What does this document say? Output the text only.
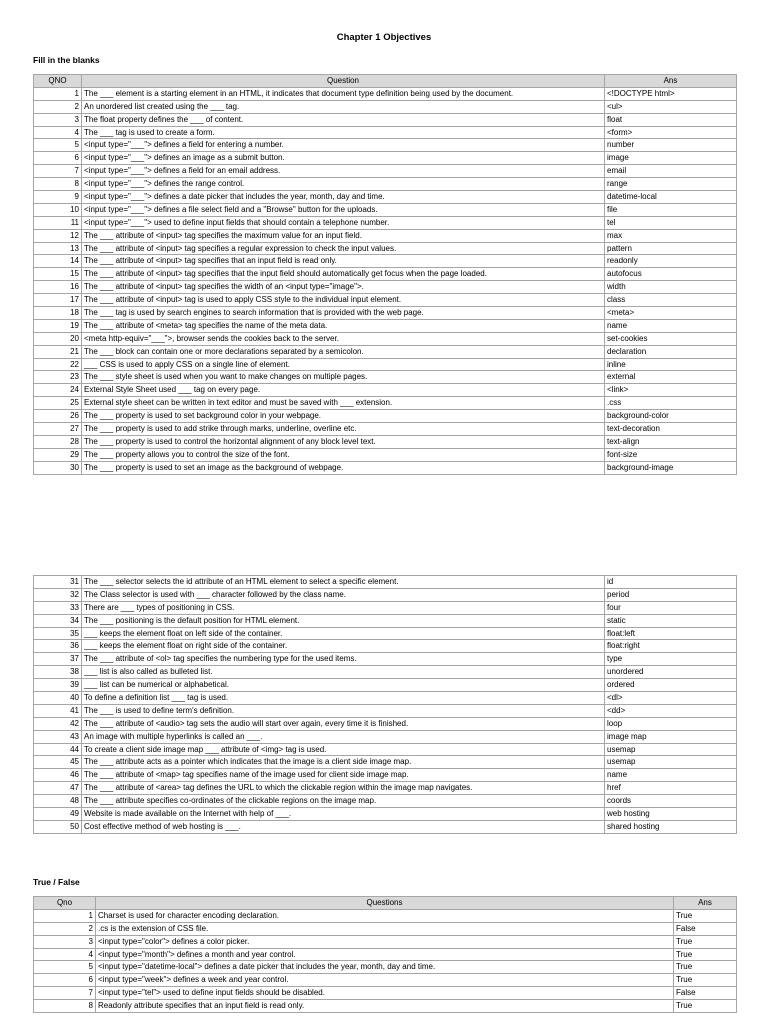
Chapter 1 Objectives
Fill in the blanks
QNO	Question	Ans
1	The ___ element is a starting element in an HTML, it indicates that document type definition being used by the document.	<!DOCTYPE html>
2	An unordered list created using the ___ tag.	<ul>
3	The float property defines the ___ of content.	float
4	The ___ tag is used to create a form.	<form>
5	<input type="___"> defines a field for entering a number.	number
6	<input type="___"> defines an image as a submit button.	image
7	<input type="___"> defines a field for an email address.	email
8	<input type="___"> defines the range control.	range
9	<input type="___"> defines a date picker that includes the year, month, day and time.	datetime-local
10	<input type="___"> defines a file select field and a "Browse" button for the uploads.	file
11	<input type="___"> used to define input fields that should contain a telephone number.	tel
12	The ___ attribute of <input> tag specifies the maximum value for an input field.	max
13	The ___ attribute of <input> tag specifies a regular expression to check the input values.	pattern
14	The ___ attribute of <input> tag specifies that an input field is read only.	readonly
15	The ___ attribute of <input> tag specifies that the input field should automatically get focus when the page loaded.	autofocus
16	The ___ attribute of <input> tag specifies the width of an <input type="image">.	width
17	The ___ attribute of <input> tag is used to apply CSS style to the individual input element.	class
18	The ___ tag is used by search engines to search information that is provided with the web page.	<meta>
19	The ___ attribute of <meta> tag specifies the name of the meta data.	name
20	<meta http-equiv="___">, browser sends the cookies back to the server.	set-cookies
21	The ___ block can contain one or more declarations separated by a semicolon.	declaration
22	___ CSS is used to apply CSS on a single line of element.	inline
23	The ___ style sheet is used when you want to make changes on multiple pages.	external
24	External Style Sheet used ___ tag on every page.	<link>
25	External style sheet can be written in text editor and must be saved with ___ extension.	.css
26	The ___ property is used to set background color in your webpage.	background-color
27	The ___ property is used to add strike through marks, underline, overline etc.	text-decoration
28	The ___ property is used to control the horizontal alignment of any block level text.	text-align
29	The ___ property allows you to control the size of the font.	font-size
30	The ___ property is used to set an image as the background of webpage.	background-image
31	The ___ selector selects the id attribute of an HTML element to select a specific element.	id
32	The Class selector is used with ___ character followed by the class name.	period
33	There are ___ types of positioning in CSS.	four
34	The ___ positioning is the default position for HTML element.	static
35	___ keeps the element float on left side of the container.	float:left
36	___ keeps the element float on right side of the container.	float:right
37	The ___ attribute of <ol> tag specifies the numbering type for the used items.	type
38	___ list is also called as bulleted list.	unordered
39	___ list can be numerical or alphabetical.	ordered
40	To define a definition list ___ tag is used.	<dl>
41	The ___ is used to define term's definition.	<dd>
42	The ___ attribute of <audio> tag sets the audio will start over again, every time it is finished.	loop
43	An image with multiple hyperlinks is called an ___.	image map
44	To create a client side image map ___ attribute of <img> tag is used.	usemap
45	The ___ attribute acts as a pointer which indicates that the image is a client side image map.	usemap
46	The ___ attribute of <map> tag specifies name of the image used for client side image map.	name
47	The ___ attribute of <area> tag defines the URL to which the clickable region within the image map navigates.	href
48	The ___ attribute specifies co-ordinates of the clickable regions on the image map.	coords
49	Website is made available on the Internet with help of ___.	web hosting
50	Cost effective method of web hosting is ___.	shared hosting
True / False
Qno	Questions	Ans
1	Charset is used for character encoding declaration.	True
2	.cs is the extension of CSS file.	False
3	<input type="color"> defines a color picker.	True
4	<input type="month"> defines a month and year control.	True
5	<input type="datetime-local"> defines a date picker that includes the year, month, day and time.	True
6	<input type="week"> defines a week and year control.	True
7	<input type="tel"> used to define input fields should be disabled.	False
8	Readonly attribute specifies that an input field is read only.	True
